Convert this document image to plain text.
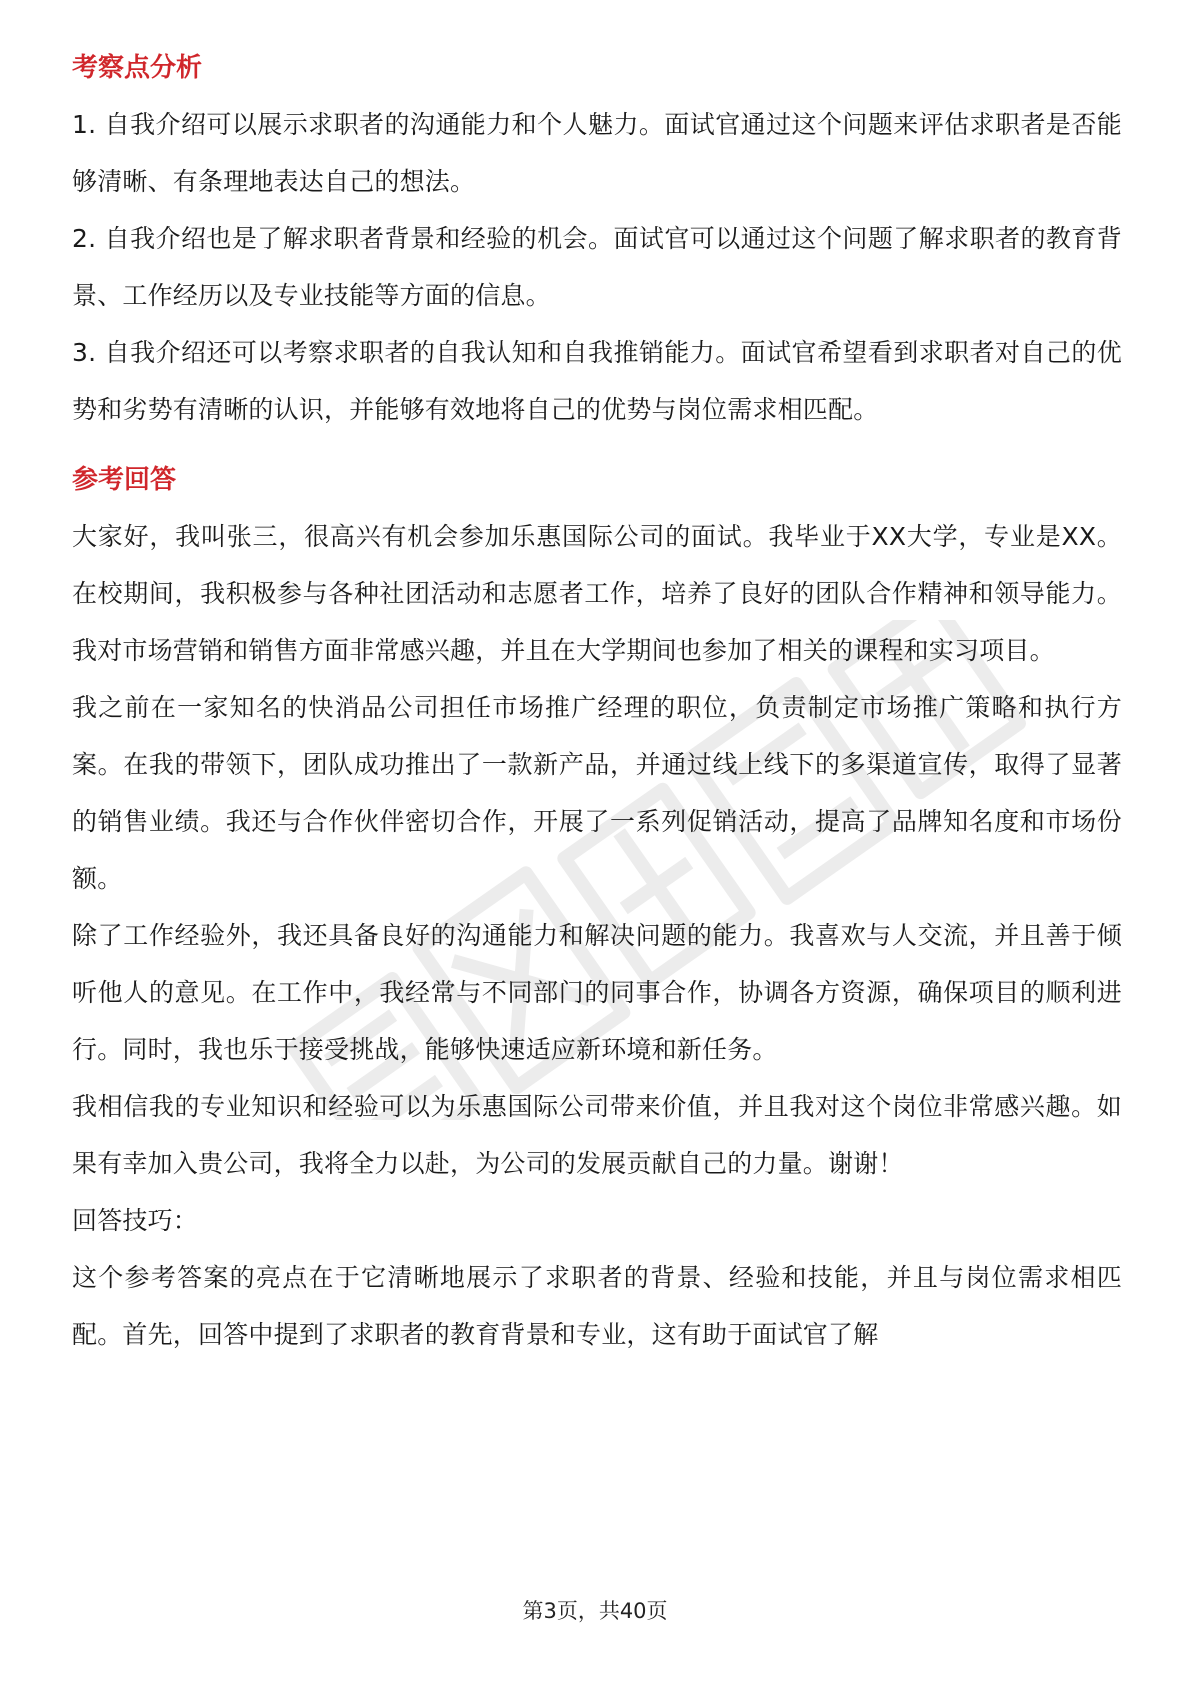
考察点分析

1. 自我介绍可以展示求职者的沟通能力和个人魅力。面试官通过这个问题来评估求职者是否能够清晰、有条理地表达自己的想法。

2. 自我介绍也是了解求职者背景和经验的机会。面试官可以通过这个问题了解求职者的教育背景、工作经历以及专业技能等方面的信息。

3. 自我介绍还可以考察求职者的自我认知和自我推销能力。面试官希望看到求职者对自己的优势和劣势有清晰的认识，并能够有效地将自己的优势与岗位需求相匹配。

参考回答

大家好，我叫张三，很高兴有机会参加乐惠国际公司的面试。我毕业于XX大学，专业是XX。在校期间，我积极参与各种社团活动和志愿者工作，培养了良好的团队合作精神和领导能力。我对市场营销和销售方面非常感兴趣，并且在大学期间也参加了相关的课程和实习项目。

我之前在一家知名的快消品公司担任市场推广经理的职位，负责制定市场推广策略和执行方案。在我的带领下，团队成功推出了一款新产品，并通过线上线下的多渠道宣传，取得了显著的销售业绩。我还与合作伙伴密切合作，开展了一系列促销活动，提高了品牌知名度和市场份额。

除了工作经验外，我还具备良好的沟通能力和解决问题的能力。我喜欢与人交流，并且善于倾听他人的意见。在工作中，我经常与不同部门的同事合作，协调各方资源，确保项目的顺利进行。同时，我也乐于接受挑战，能够快速适应新环境和新任务。

我相信我的专业知识和经验可以为乐惠国际公司带来价值，并且我对这个岗位非常感兴趣。如果有幸加入贵公司，我将全力以赴，为公司的发展贡献自己的力量。谢谢！

回答技巧：

这个参考答案的亮点在于它清晰地展示了求职者的背景、经验和技能，并且与岗位需求相匹配。首先，回答中提到了求职者的教育背景和专业，这有助于面试官了解

第3页，共40页
